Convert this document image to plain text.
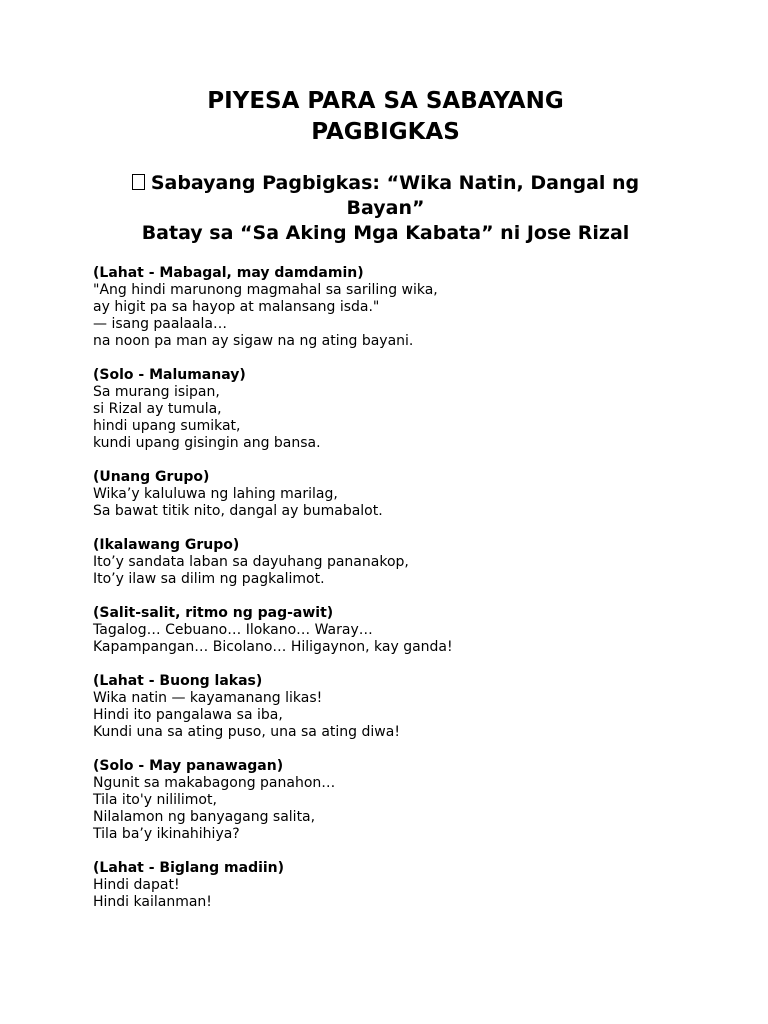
PIYESA PARA SA SABAYANG
PAGBIGKAS
Sabayang Pagbigkas: “Wika Natin, Dangal ng
Bayan”
Batay sa “Sa Aking Mga Kabata” ni Jose Rizal
(Lahat - Mabagal, may damdamin)
"Ang hindi marunong magmahal sa sariling wika,
ay higit pa sa hayop at malansang isda."
— isang paalaala…
na noon pa man ay sigaw na ng ating bayani.
(Solo - Malumanay)
Sa murang isipan,
si Rizal ay tumula,
hindi upang sumikat,
kundi upang gisingin ang bansa.
(Unang Grupo)
Wika’y kaluluwa ng lahing marilag,
Sa bawat titik nito, dangal ay bumabalot.
(Ikalawang Grupo)
Ito’y sandata laban sa dayuhang pananakop,
Ito’y ilaw sa dilim ng pagkalimot.
(Salit-salit, ritmo ng pag-awit)
Tagalog… Cebuano… Ilokano… Waray…
Kapampangan… Bicolano… Hiligaynon, kay ganda!
(Lahat - Buong lakas)
Wika natin — kayamanang likas!
Hindi ito pangalawa sa iba,
Kundi una sa ating puso, una sa ating diwa!
(Solo - May panawagan)
Ngunit sa makabagong panahon…
Tila ito'y nililimot,
Nilalamon ng banyagang salita,
Tila ba’y ikinahihiya?
(Lahat - Biglang madiin)
Hindi dapat!
Hindi kailanman!
